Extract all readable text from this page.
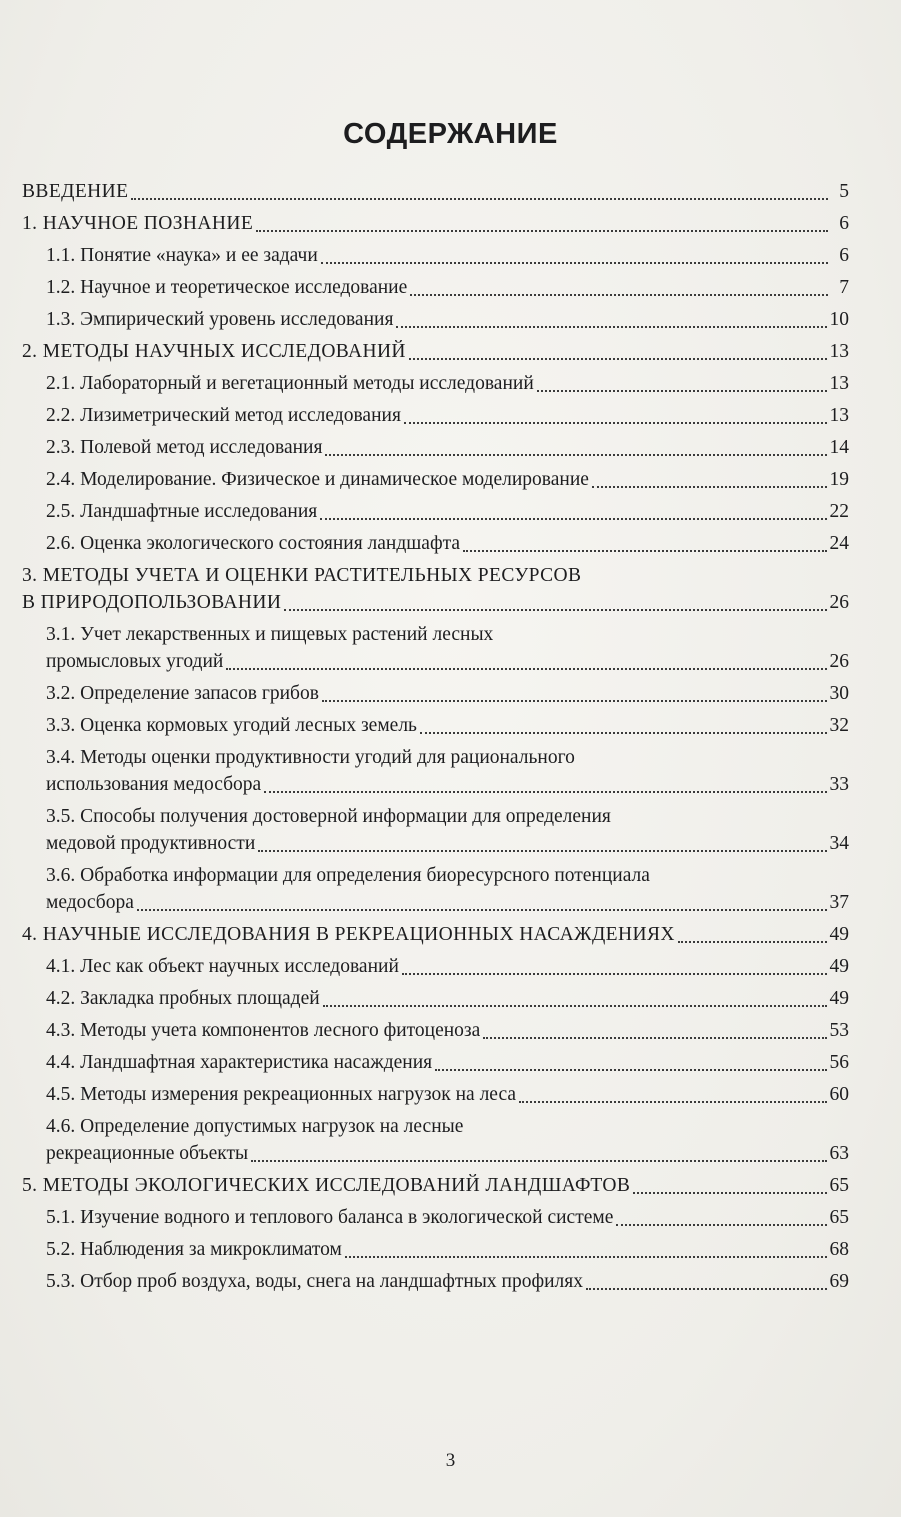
СОДЕРЖАНИЕ
ВВЕДЕНИЕ	5
1. НАУЧНОЕ ПОЗНАНИЕ	6
1.1. Понятие «наука» и ее задачи	6
1.2. Научное и теоретическое исследование	7
1.3. Эмпирический уровень исследования	10
2. МЕТОДЫ НАУЧНЫХ ИССЛЕДОВАНИЙ	13
2.1. Лабораторный и вегетационный методы исследований	13
2.2. Лизиметрический метод исследования	13
2.3. Полевой метод исследования	14
2.4. Моделирование. Физическое и динамическое моделирование	19
2.5. Ландшафтные исследования	22
2.6. Оценка экологического состояния ландшафта	24
3. МЕТОДЫ УЧЕТА И ОЦЕНКИ РАСТИТЕЛЬНЫХ РЕСУРСОВ
В ПРИРОДОПОЛЬЗОВАНИИ	26
3.1. Учет лекарственных и пищевых растений лесных
промысловых угодий	26
3.2. Определение запасов грибов	30
3.3. Оценка кормовых угодий лесных земель	32
3.4. Методы оценки продуктивности угодий для рационального
использования медосбора	33
3.5. Способы получения достоверной информации для определения
медовой продуктивности	34
3.6. Обработка информации для определения биоресурсного потенциала
медосбора	37
4. НАУЧНЫЕ ИССЛЕДОВАНИЯ В РЕКРЕАЦИОННЫХ НАСАЖДЕНИЯХ	49
4.1. Лес как объект научных исследований	49
4.2. Закладка пробных площадей	49
4.3. Методы учета компонентов лесного фитоценоза	53
4.4. Ландшафтная характеристика насаждения	56
4.5. Методы измерения рекреационных нагрузок на леса	60
4.6. Определение допустимых нагрузок на лесные
рекреационные объекты	63
5. МЕТОДЫ ЭКОЛОГИЧЕСКИХ ИССЛЕДОВАНИЙ ЛАНДШАФТОВ	65
5.1. Изучение водного и теплового баланса в экологической системе	65
5.2. Наблюдения за микроклиматом	68
5.3. Отбор проб воздуха, воды, снега на ландшафтных профилях	69
3
